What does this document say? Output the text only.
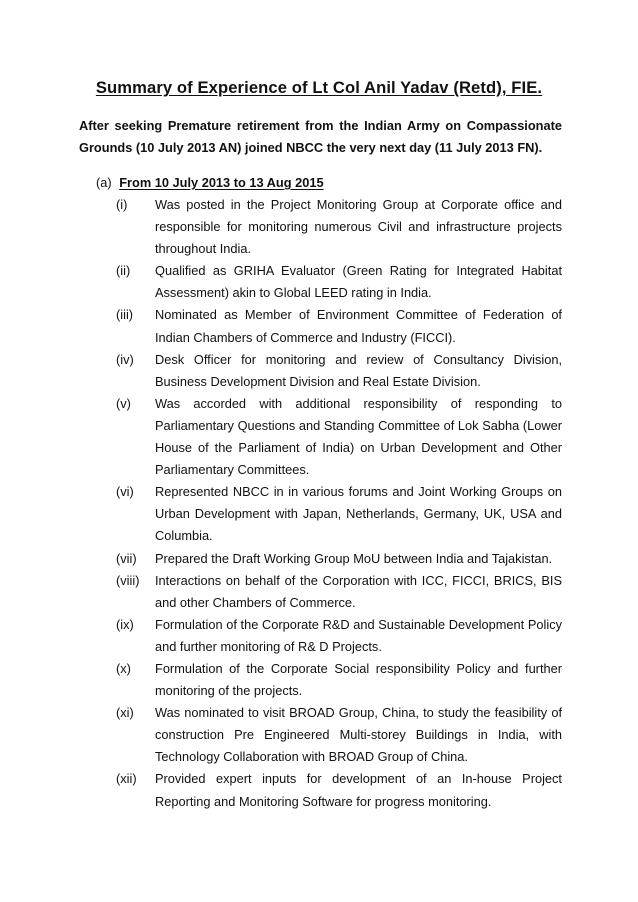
Summary of Experience of Lt Col Anil Yadav (Retd), FIE.
After seeking Premature retirement from the Indian Army on Compassionate Grounds (10 July 2013 AN) joined NBCC the very next day (11 July 2013 FN).
(a) From 10 July 2013 to 13 Aug 2015
(i)	Was posted in the Project Monitoring Group at Corporate office and responsible for monitoring numerous Civil and infrastructure projects throughout India.
(ii)	Qualified as GRIHA Evaluator (Green Rating for Integrated Habitat Assessment) akin to Global LEED rating in India.
(iii)	Nominated as Member of Environment Committee of Federation of Indian Chambers of Commerce and Industry (FICCI).
(iv)	Desk Officer for monitoring and review of Consultancy Division, Business Development Division and Real Estate Division.
(v)	Was accorded with additional responsibility of responding to Parliamentary Questions and Standing Committee of Lok Sabha (Lower House of the Parliament of India) on Urban Development and Other Parliamentary Committees.
(vi)	Represented NBCC in in various forums and Joint Working Groups on Urban Development with Japan, Netherlands, Germany, UK, USA and Columbia.
(vii)	Prepared the Draft Working Group MoU between India and Tajakistan.
(viii)	Interactions on behalf of the Corporation with ICC, FICCI, BRICS, BIS and other Chambers of Commerce.
(ix)	Formulation of the Corporate R&D and Sustainable Development Policy and further monitoring of R& D Projects.
(x)	Formulation of the Corporate Social responsibility Policy and further monitoring of the projects.
(xi)	Was nominated to visit BROAD Group, China, to study the feasibility of construction Pre Engineered Multi-storey Buildings in India, with Technology Collaboration with BROAD Group of China.
(xii)	Provided expert inputs for development of an In-house Project Reporting and Monitoring Software for progress monitoring.
